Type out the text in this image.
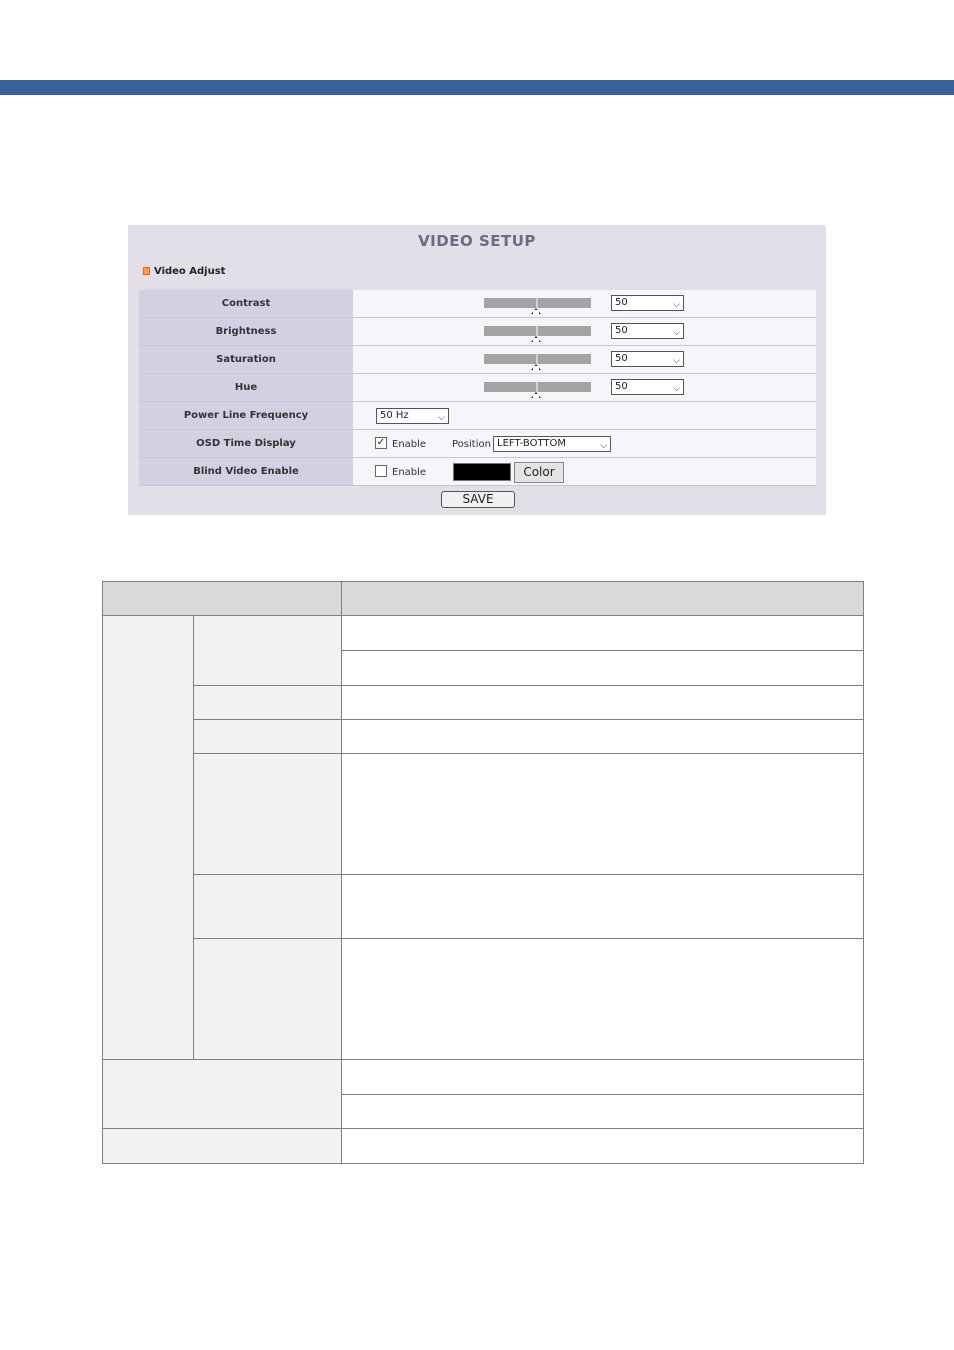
VIDEO SETUP
Video Adjust
Contrast	50 ⌵

Brightness	50 ⌵

Saturation	50 ⌵

Hue	50 ⌵

Power Line Frequency	50 Hz ⌵

OSD Time Display	✓ Enable Position LEFT-BOTTOM ⌵

Blind Video Enable	Enable Color
SAVE
